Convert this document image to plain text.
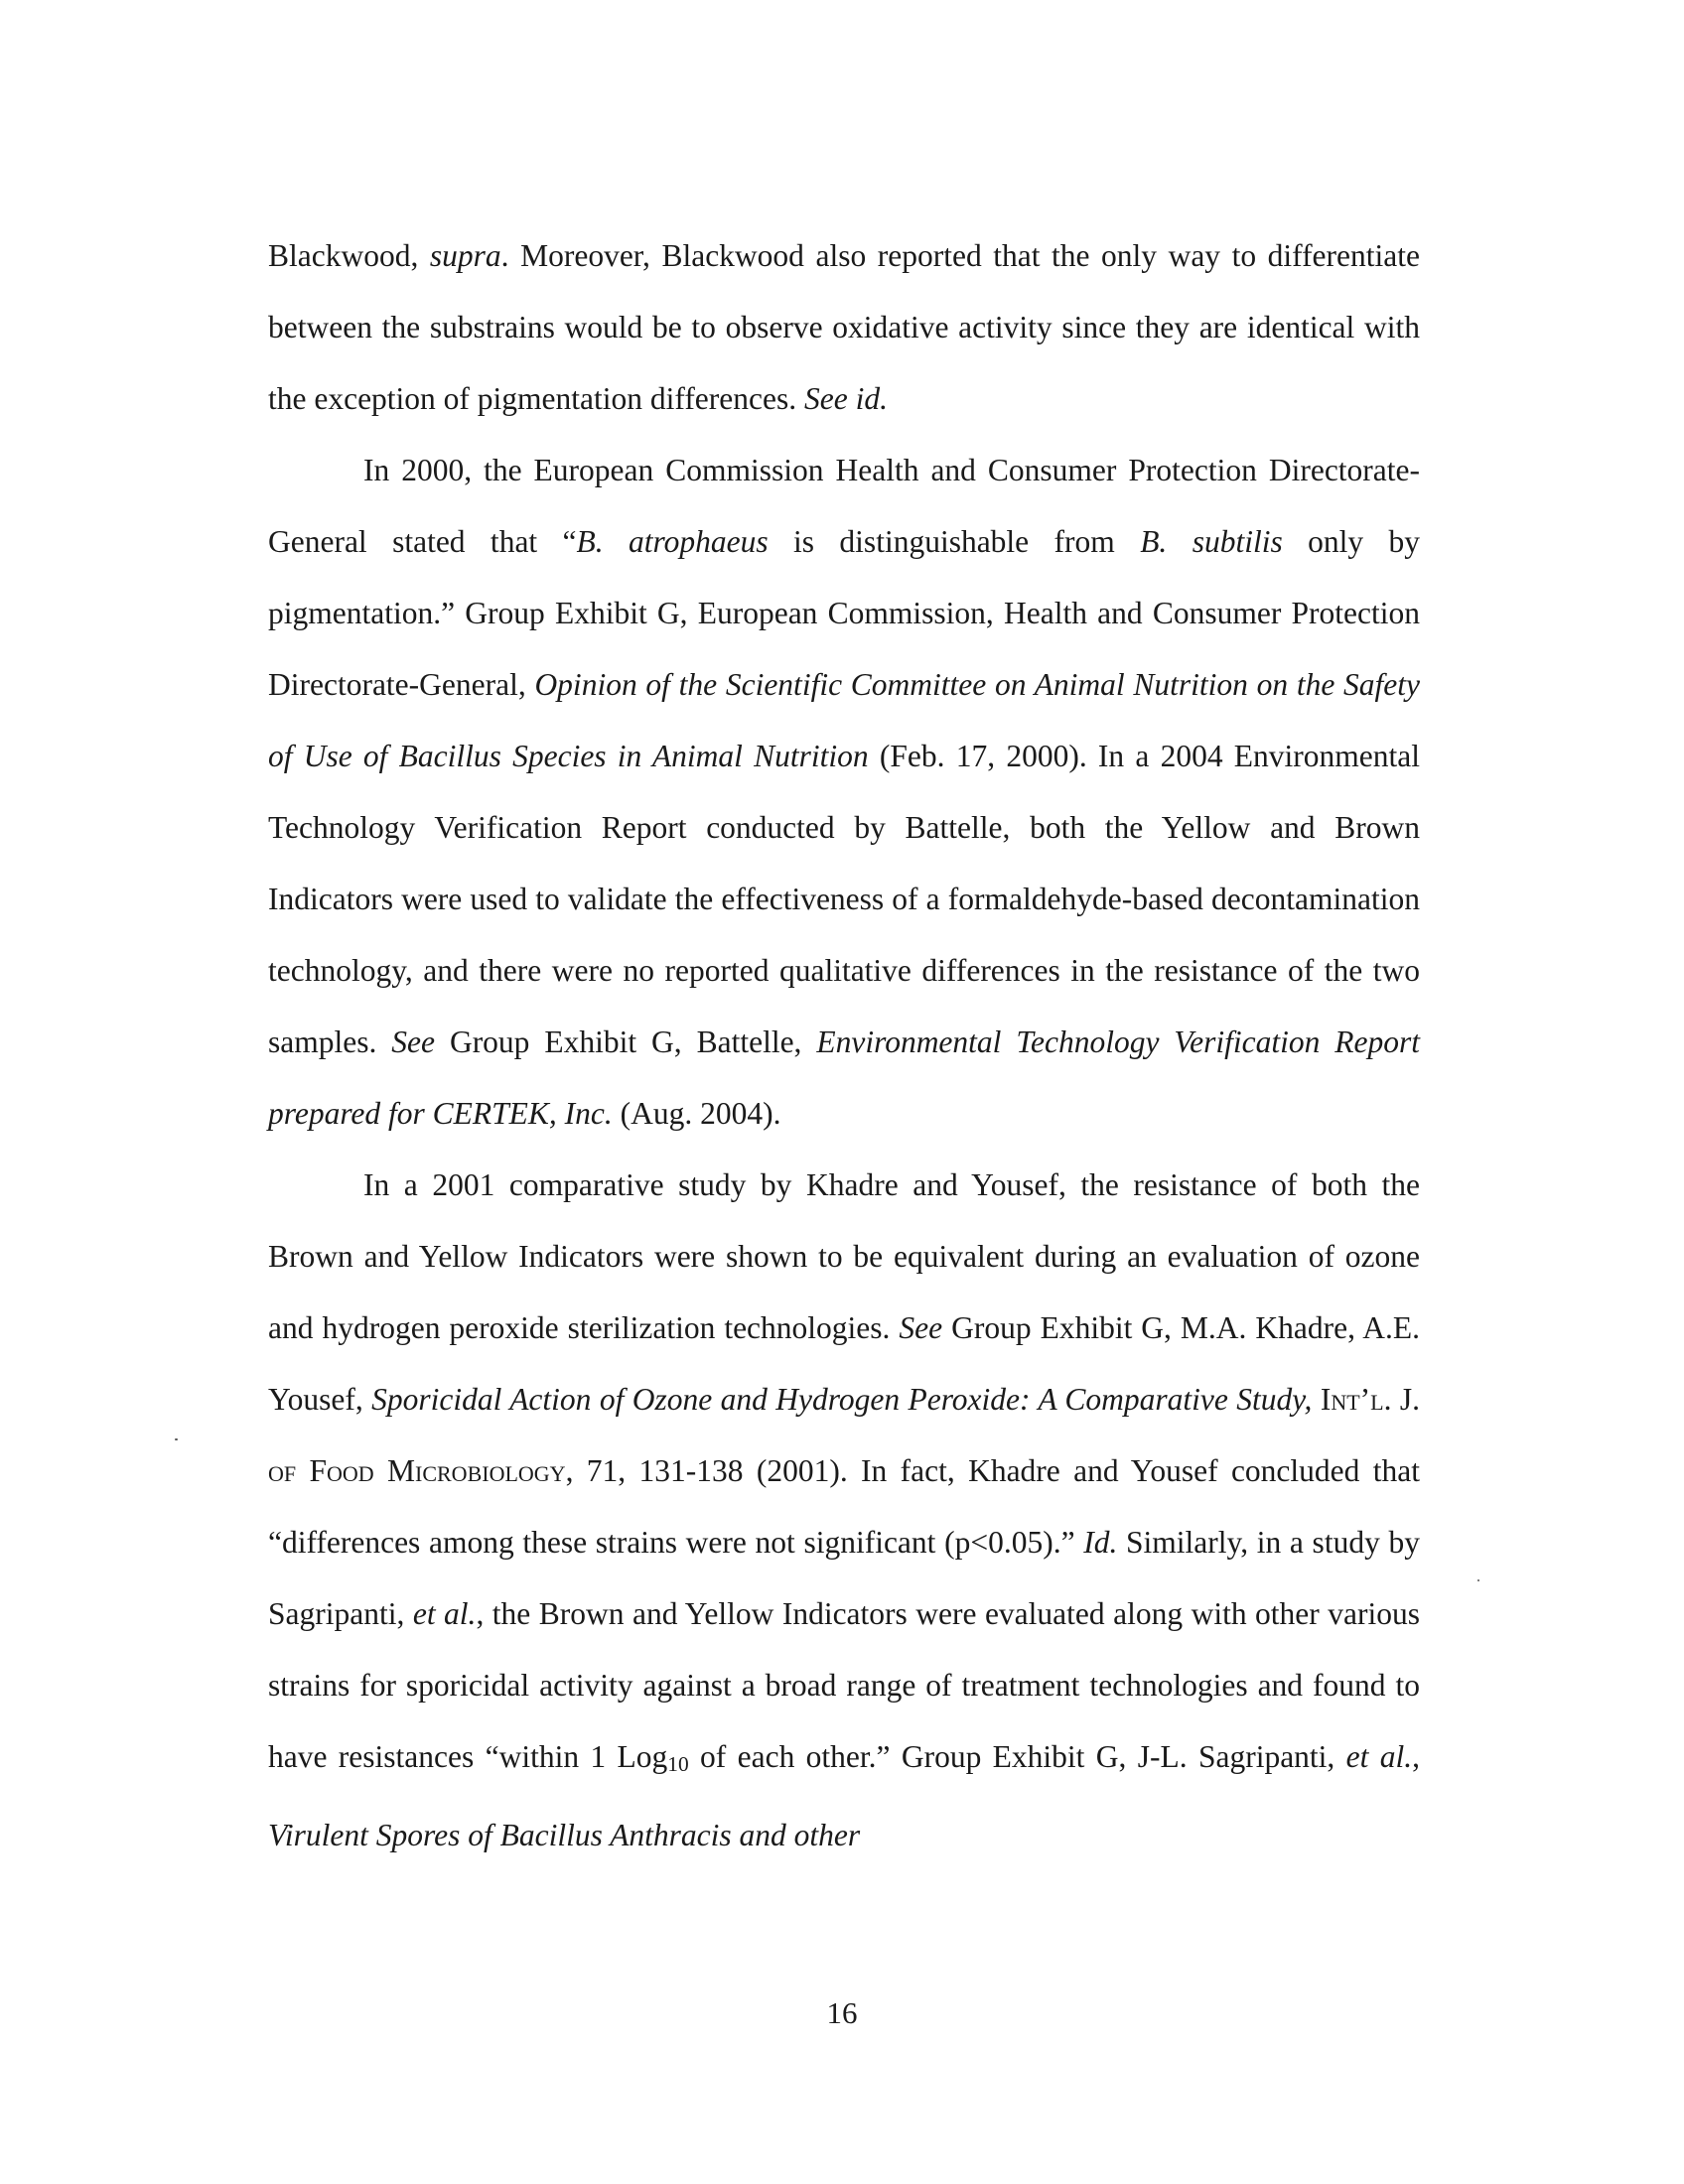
Blackwood, supra. Moreover, Blackwood also reported that the only way to differentiate between the substrains would be to observe oxidative activity since they are identical with the exception of pigmentation differences. See id.

In 2000, the European Commission Health and Consumer Protection Directorate-General stated that “B. atrophaeus is distinguishable from B. subtilis only by pigmentation.” Group Exhibit G, European Commission, Health and Consumer Protection Directorate-General, Opinion of the Scientific Committee on Animal Nutrition on the Safety of Use of Bacillus Species in Animal Nutrition (Feb. 17, 2000). In a 2004 Environmental Technology Verification Report conducted by Battelle, both the Yellow and Brown Indicators were used to validate the effectiveness of a formaldehyde-based decontamination technology, and there were no reported qualitative differences in the resistance of the two samples. See Group Exhibit G, Battelle, Environmental Technology Verification Report prepared for CERTEK, Inc. (Aug. 2004).

In a 2001 comparative study by Khadre and Yousef, the resistance of both the Brown and Yellow Indicators were shown to be equivalent during an evaluation of ozone and hydrogen peroxide sterilization technologies. See Group Exhibit G, M.A. Khadre, A.E. Yousef, Sporicidal Action of Ozone and Hydrogen Peroxide: A Comparative Study, Int’l. J. of Food Microbiology, 71, 131-138 (2001). In fact, Khadre and Yousef concluded that “differences among these strains were not significant (p<0.05).” Id. Similarly, in a study by Sagripanti, et al., the Brown and Yellow Indicators were evaluated along with other various strains for sporicidal activity against a broad range of treatment technologies and found to have resistances “within 1 Log10 of each other.” Group Exhibit G, J-L. Sagripanti, et al., Virulent Spores of Bacillus Anthracis and other

16
